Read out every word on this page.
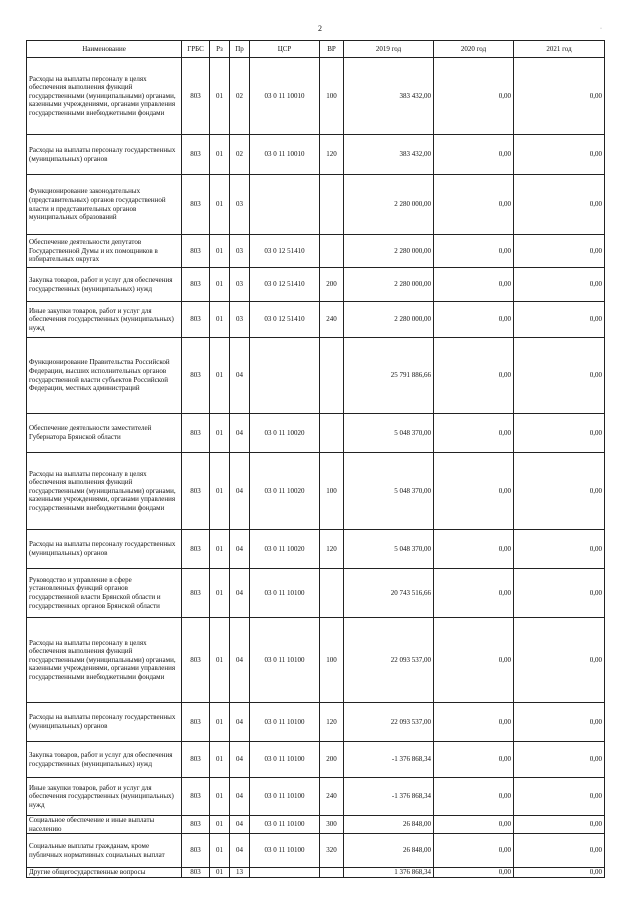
2	·
Наименование	ГРБС	Рз	Пр	ЦСР	ВР	2019 год	2020 год	2021 год
Расходы на выплаты персоналу в целях обеспечения выполнения функций государственными (муниципальными) органами, казенными учреждениями, органами управления государственными внебюджетными фондами	803	01	02	03 0 11 10010	100	383 432,00	0,00	0,00
Расходы на выплаты персоналу государственных (муниципальных) органов	803	01	02	03 0 11 10010	120	383 432,00	0,00	0,00
Функционирование законодательных (представительных) органов государственной власти и представительных органов муниципальных образований	803	01	03			2 280 000,00	0,00	0,00
Обеспечение деятельности депутатов Государственной Думы и их помощников в избирательных округах	803	01	03	03 0 12 51410		2 280 000,00	0,00	0,00
Закупка товаров, работ и услуг для обеспечения государственных (муниципальных) нужд	803	01	03	03 0 12 51410	200	2 280 000,00	0,00	0,00
Иные закупки товаров, работ и услуг для обеспечения государственных (муниципальных) нужд	803	01	03	03 0 12 51410	240	2 280 000,00	0,00	0,00
Функционирование Правительства Российской Федерации, высших исполнительных органов государственной власти субъектов Российской Федерации, местных администраций	803	01	04			25 791 886,66	0,00	0,00
Обеспечение деятельности заместителей Губернатора Брянской области	803	01	04	03 0 11 10020		5 048 370,00	0,00	0,00
Расходы на выплаты персоналу в целях обеспечения выполнения функций государственными (муниципальными) органами, казенными учреждениями, органами управления государственными внебюджетными фондами	803	01	04	03 0 11 10020	100	5 048 370,00	0,00	0,00
Расходы на выплаты персоналу государственных (муниципальных) органов	803	01	04	03 0 11 10020	120	5 048 370,00	0,00	0,00
Руководство и управление в сфере установленных функций органов государственной власти Брянской области и государственных органов Брянской области	803	01	04	03 0 11 10100		20 743 516,66	0,00	0,00
Расходы на выплаты персоналу в целях обеспечения выполнения функций государственными (муниципальными) органами, казенными учреждениями, органами управления государственными внебюджетными фондами	803	01	04	03 0 11 10100	100	22 093 537,00	0,00	0,00
Расходы на выплаты персоналу государственных (муниципальных) органов	803	01	04	03 0 11 10100	120	22 093 537,00	0,00	0,00
Закупка товаров, работ и услуг для обеспечения государственных (муниципальных) нужд	803	01	04	03 0 11 10100	200	-1 376 868,34	0,00	0,00
Иные закупки товаров, работ и услуг для обеспечения государственных (муниципальных) нужд	803	01	04	03 0 11 10100	240	-1 376 868,34	0,00	0,00
Социальное обеспечение и иные выплаты населению	803	01	04	03 0 11 10100	300	26 848,00	0,00	0,00
Социальные выплаты гражданам, кроме публичных нормативных социальных выплат	803	01	04	03 0 11 10100	320	26 848,00	0,00	0,00
Другие общегосударственные вопросы	803	01	13			1 376 868,34	0,00	0,00
